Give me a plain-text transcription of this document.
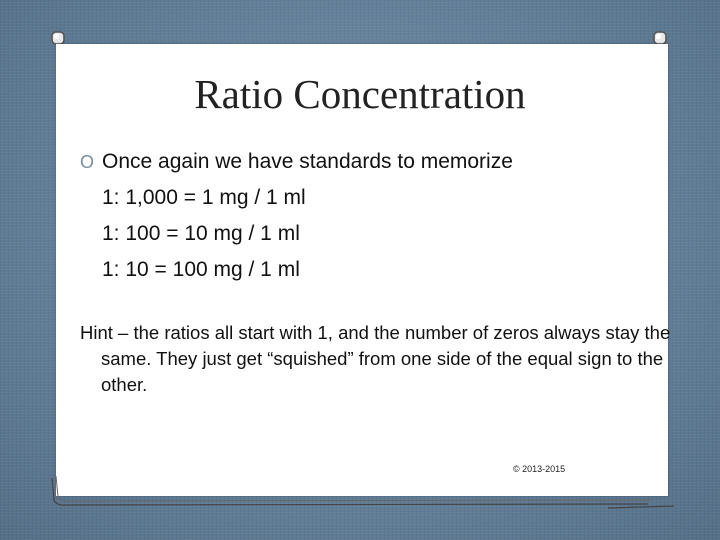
Ratio Concentration
O Once again we have standards to memorize
1: 1,000 = 1 mg / 1 ml
1: 100 = 10 mg / 1 ml
1: 10 = 100 mg / 1 ml

Hint – the ratios all start with 1, and the number of zeros always stay the same. They just get “squished” from one side of the equal sign to the other.

© 2013-2015
